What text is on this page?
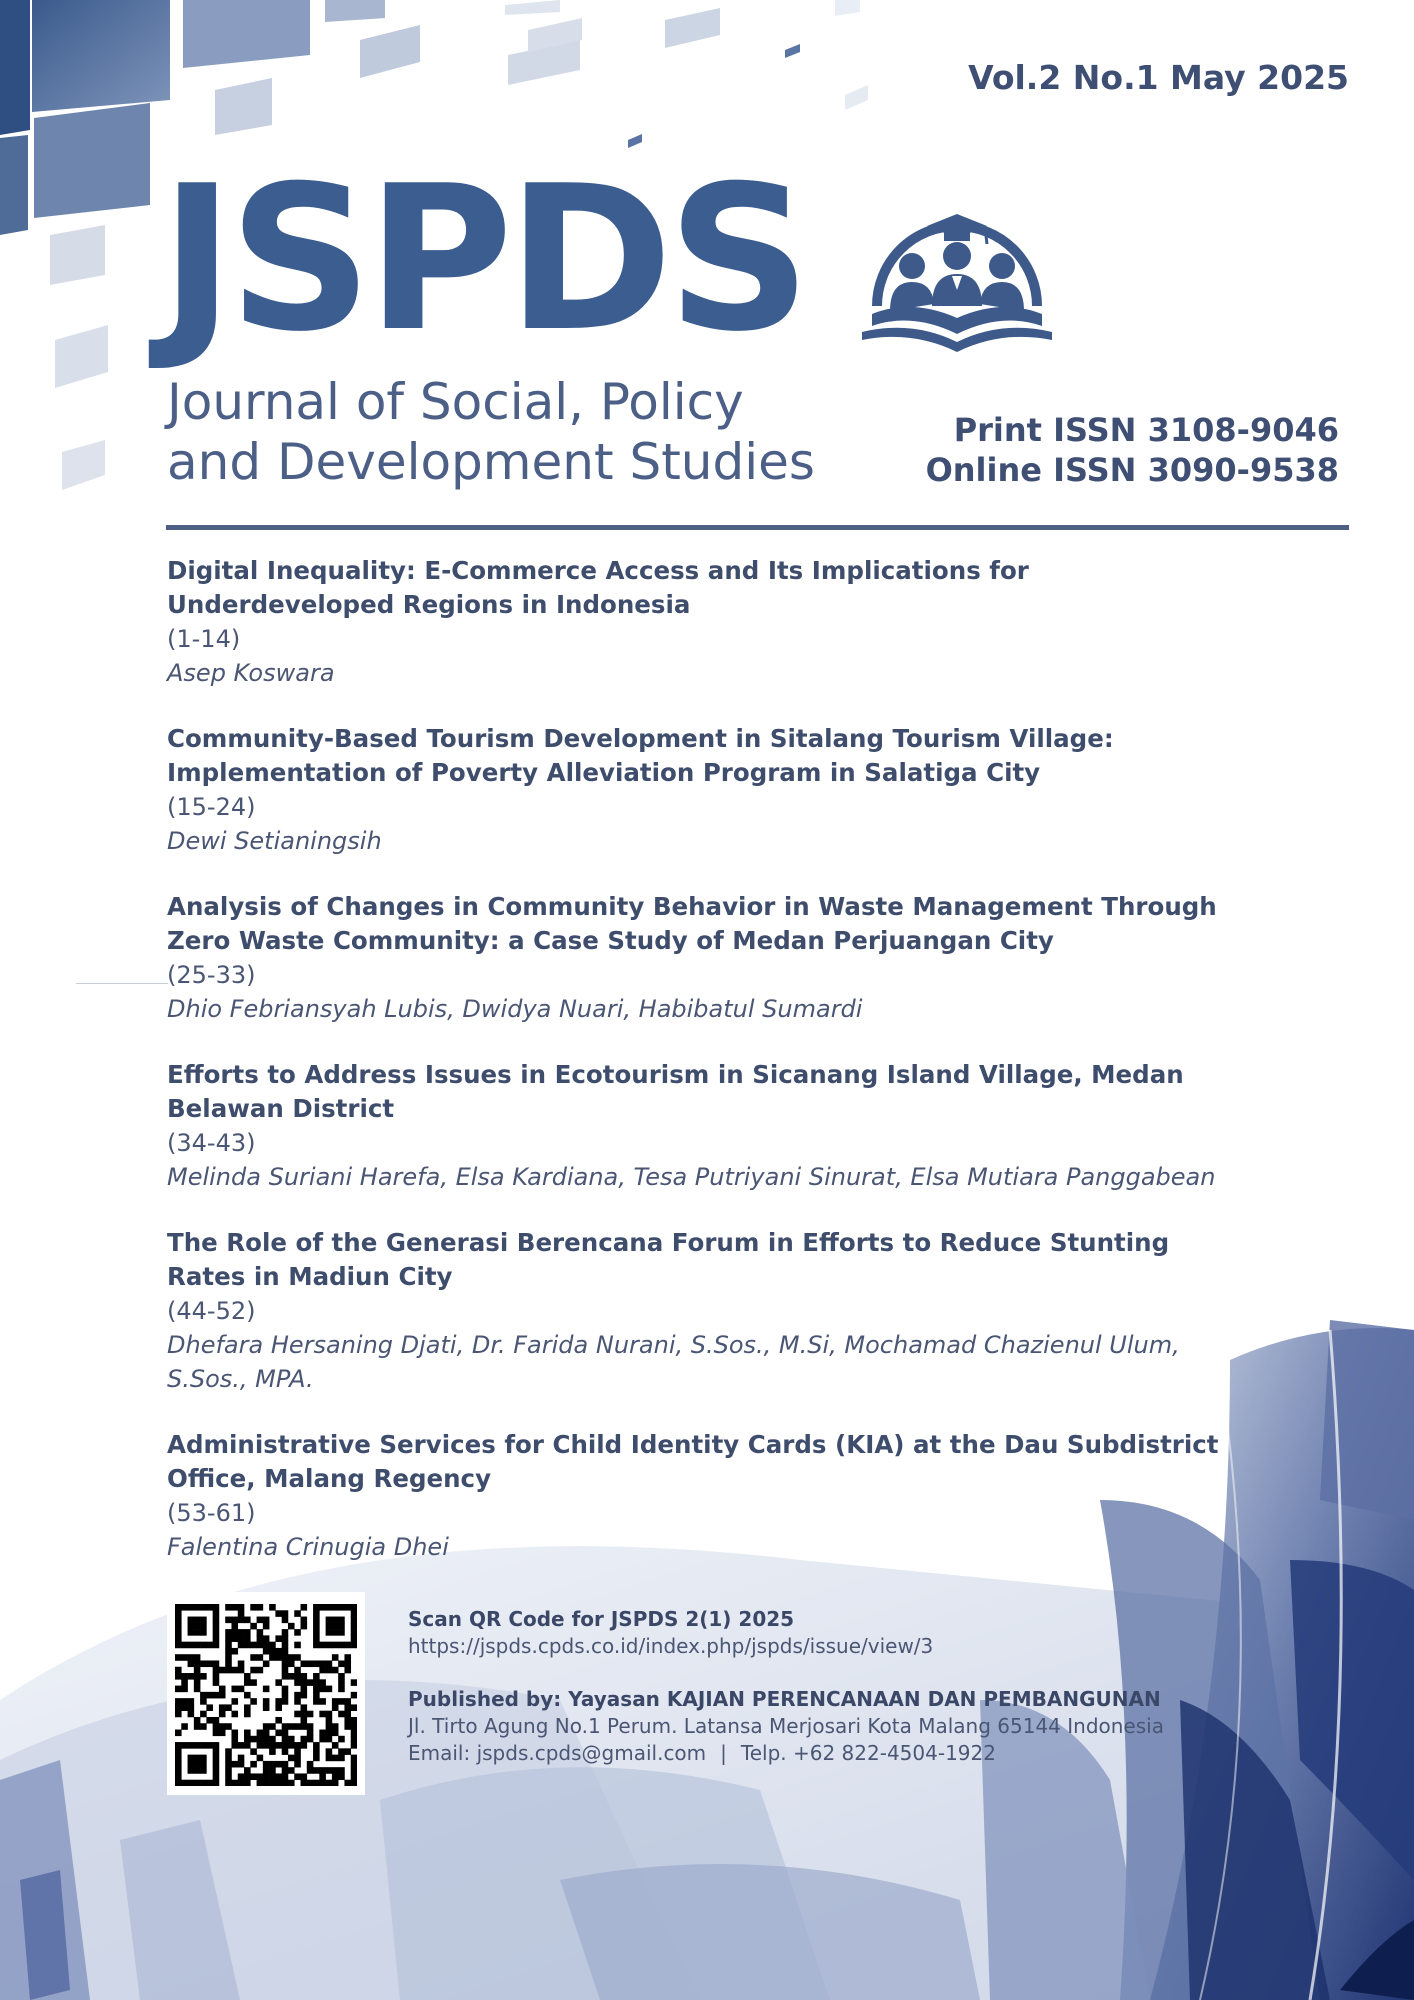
Vol.2 No.1 May 2025
JSPDS
Journal of Social, Policy
and Development Studies
Print ISSN 3108-9046
Online ISSN 3090-9538
Digital Inequality: E-Commerce Access and Its Implications for Underdeveloped Regions in Indonesia
(1-14)
Asep Koswara
Community-Based Tourism Development in Sitalang Tourism Village: Implementation of Poverty Alleviation Program in Salatiga City
(15-24)
Dewi Setianingsih
Analysis of Changes in Community Behavior in Waste Management Through Zero Waste Community: a Case Study of Medan Perjuangan City
(25-33)
Dhio Febriansyah Lubis, Dwidya Nuari, Habibatul Sumardi
Efforts to Address Issues in Ecotourism in Sicanang Island Village, Medan Belawan District
(34-43)
Melinda Suriani Harefa, Elsa Kardiana, Tesa Putriyani Sinurat, Elsa Mutiara Panggabean
The Role of the Generasi Berencana Forum in Efforts to Reduce Stunting Rates in Madiun City
(44-52)
Dhefara Hersaning Djati, Dr. Farida Nurani, S.Sos., M.Si, Mochamad Chazienul Ulum, S.Sos., MPA.
Administrative Services for Child Identity Cards (KIA) at the Dau Subdistrict Office, Malang Regency
(53-61)
Falentina Crinugia Dhei
Scan QR Code for JSPDS 2(1) 2025
https://jspds.cpds.co.id/index.php/jspds/issue/view/3
Published by: Yayasan KAJIAN PERENCANAAN DAN PEMBANGUNAN
Jl. Tirto Agung No.1 Perum. Latansa Merjosari Kota Malang 65144 Indonesia
Email: jspds.cpds@gmail.com | Telp. +62 822-4504-1922
